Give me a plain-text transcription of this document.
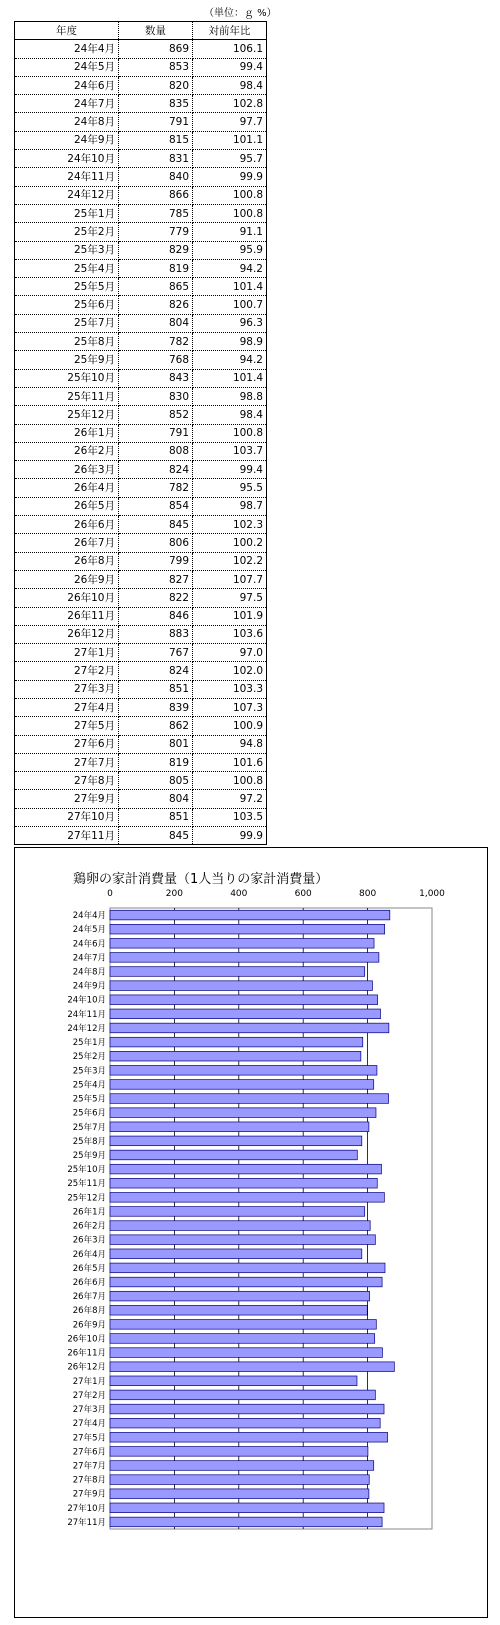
（単位：ｇ %）
年度	数量	対前年比
24年4月	869	106.1
24年5月	853	99.4
24年6月	820	98.4
24年7月	835	102.8
24年8月	791	97.7
24年9月	815	101.1
24年10月	831	95.7
24年11月	840	99.9
24年12月	866	100.8
25年1月	785	100.8
25年2月	779	91.1
25年3月	829	95.9
25年4月	819	94.2
25年5月	865	101.4
25年6月	826	100.7
25年7月	804	96.3
25年8月	782	98.9
25年9月	768	94.2
25年10月	843	101.4
25年11月	830	98.8
25年12月	852	98.4
26年1月	791	100.8
26年2月	808	103.7
26年3月	824	99.4
26年4月	782	95.5
26年5月	854	98.7
26年6月	845	102.3
26年7月	806	100.2
26年8月	799	102.2
26年9月	827	107.7
26年10月	822	97.5
26年11月	846	101.9
26年12月	883	103.6
27年1月	767	97.0
27年2月	824	102.0
27年3月	851	103.3
27年4月	839	107.3
27年5月	862	100.9
27年6月	801	94.8
27年7月	819	101.6
27年8月	805	100.8
27年9月	804	97.2
27年10月	851	103.5
27年11月	845	99.9
鶏卵の家計消費量（1人当りの家計消費量）
0	200	400	600	800	1,000
24年4月
24年5月
24年6月
24年7月
24年8月
24年9月
24年10月
24年11月
24年12月
25年1月
25年2月
25年3月
25年4月
25年5月
25年6月
25年7月
25年8月
25年9月
25年10月
25年11月
25年12月
26年1月
26年2月
26年3月
26年4月
26年5月
26年6月
26年7月
26年8月
26年9月
26年10月
26年11月
26年12月
27年1月
27年2月
27年3月
27年4月
27年5月
27年6月
27年7月
27年8月
27年9月
27年10月
27年11月
